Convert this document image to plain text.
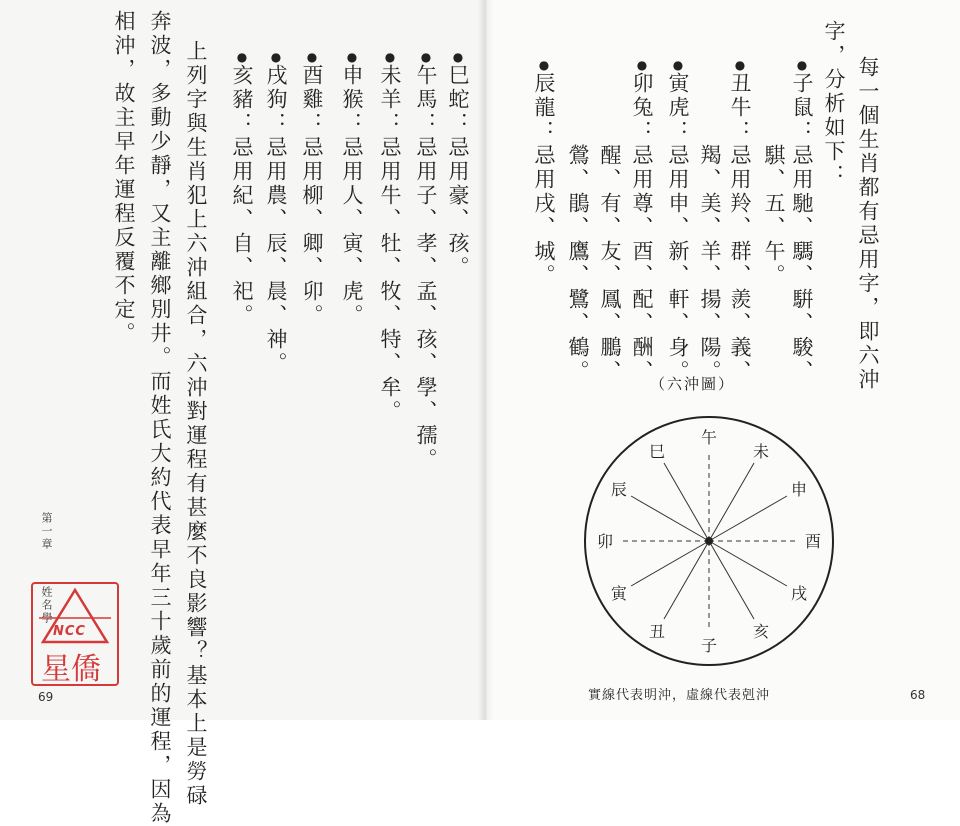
相沖，故主早年運程反覆不定。 奔波，多動少靜，又主離鄉別井。而姓氏大約代表早年三十歲前的運程，因為 上列字與生肖犯上六沖組合，六沖對運程有甚麼不良影響？基本上是勞碌	●亥豬：忌用紀、自、祀。
●戌狗：忌用農、辰、晨、神。
●酉雞：忌用柳、卿、卯。
●申猴：忌用人、寅、虎。
●未羊：忌用牛、牡、牧、特、牟。
●午馬：忌用子、孝、孟、孩、學、孺。
●巳蛇：忌用豪、孩。
第一章
姓名學
69
NCC
星僑
每一個生肖都有忌用字，即六沖
字，分析如下：
●子鼠：忌用馳、騳、騈、駿、
騏、五、午。
●丑牛：忌用羚、群、羨、義、
羯、美、羊、揚、陽。
●寅虎：忌用申、新、軒、身。
●卯兔：忌用尊、酉、配、酬、
醒、有、友、鳳、鵬、
鶯、鵑、鷹、鷺、鶴。
●辰龍：忌用戌、城。
（六沖圖）
午
未
申
酉
戌
亥
子
丑
寅
卯
辰
巳
實線代表明沖，虛線代表剋沖	68
